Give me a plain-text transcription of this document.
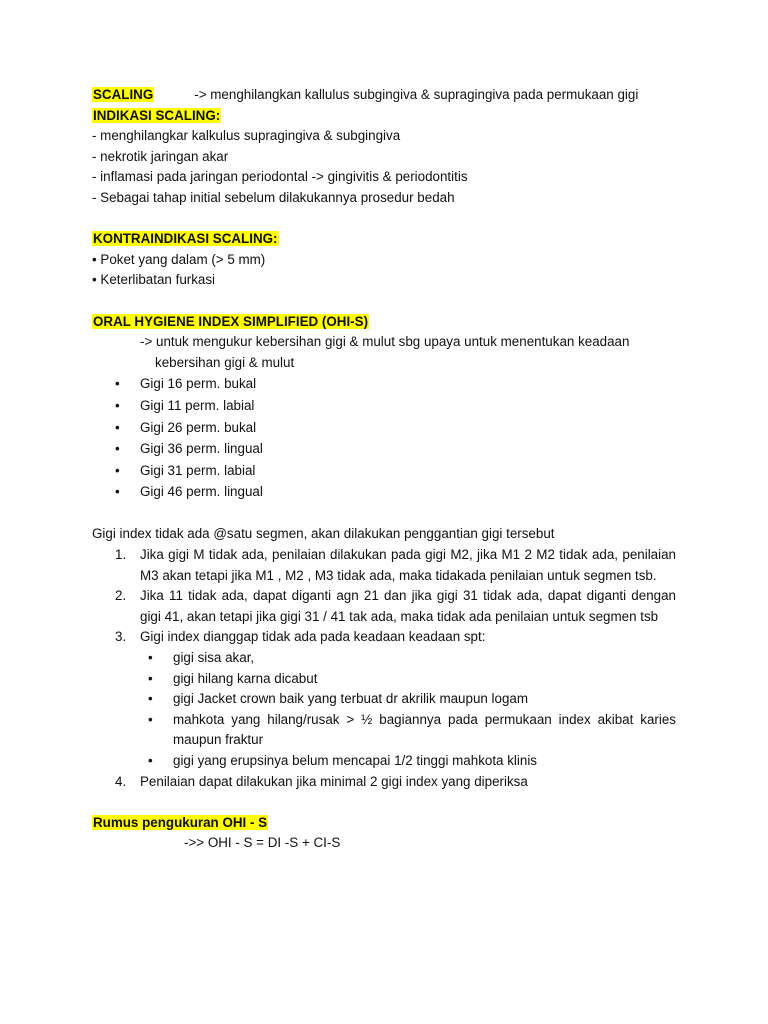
SCALING	-> menghilangkan kallulus subgingiva & supragingiva pada permukaan gigi
INDIKASI SCALING:
- menghilangkar kalkulus supragingiva & subgingiva
- nekrotik jaringan akar
- inflamasi pada jaringan periodontal -> gingivitis & periodontitis
- Sebagai tahap initial sebelum dilakukannya prosedur bedah
KONTRAINDIKASI SCALING:
• Poket yang dalam (> 5 mm)
• Keterlibatan furkasi
ORAL HYGIENE INDEX SIMPLIFIED (OHI-S)
-> untuk mengukur kebersihan gigi & mulut sbg upaya untuk menentukan keadaan
kebersihan gigi & mulut
• Gigi 16 perm. bukal
• Gigi 11 perm. labial
• Gigi 26 perm. bukal
• Gigi 36 perm. lingual
• Gigi 31 perm. labial
• Gigi 46 perm. lingual
Gigi index tidak ada @satu segmen, akan dilakukan penggantian gigi tersebut
1. Jika gigi M tidak ada, penilaian dilakukan pada gigi M2, jika M1 2 M2 tidak ada, penilaian M3 akan tetapi jika M1 , M2 , M3 tidak ada, maka tidakada penilaian untuk segmen tsb.
2. Jika 11 tidak ada, dapat diganti agn 21 dan jika gigi 31 tidak ada, dapat diganti dengan gigi 41, akan tetapi jika gigi 31 / 41 tak ada, maka tidak ada penilaian untuk segmen tsb
3. Gigi index dianggap tidak ada pada keadaan keadaan spt:
• gigi sisa akar,
• gigi hilang karna dicabut
• gigi Jacket crown baik yang terbuat dr akrilik maupun logam
• mahkota yang hilang/rusak > ½ bagiannya pada permukaan index akibat karies maupun fraktur
• gigi yang erupsinya belum mencapai 1/2 tinggi mahkota klinis
4. Penilaian dapat dilakukan jika minimal 2 gigi index yang diperiksa
Rumus pengukuran OHI - S
->> OHI - S = DI -S + CI-S
